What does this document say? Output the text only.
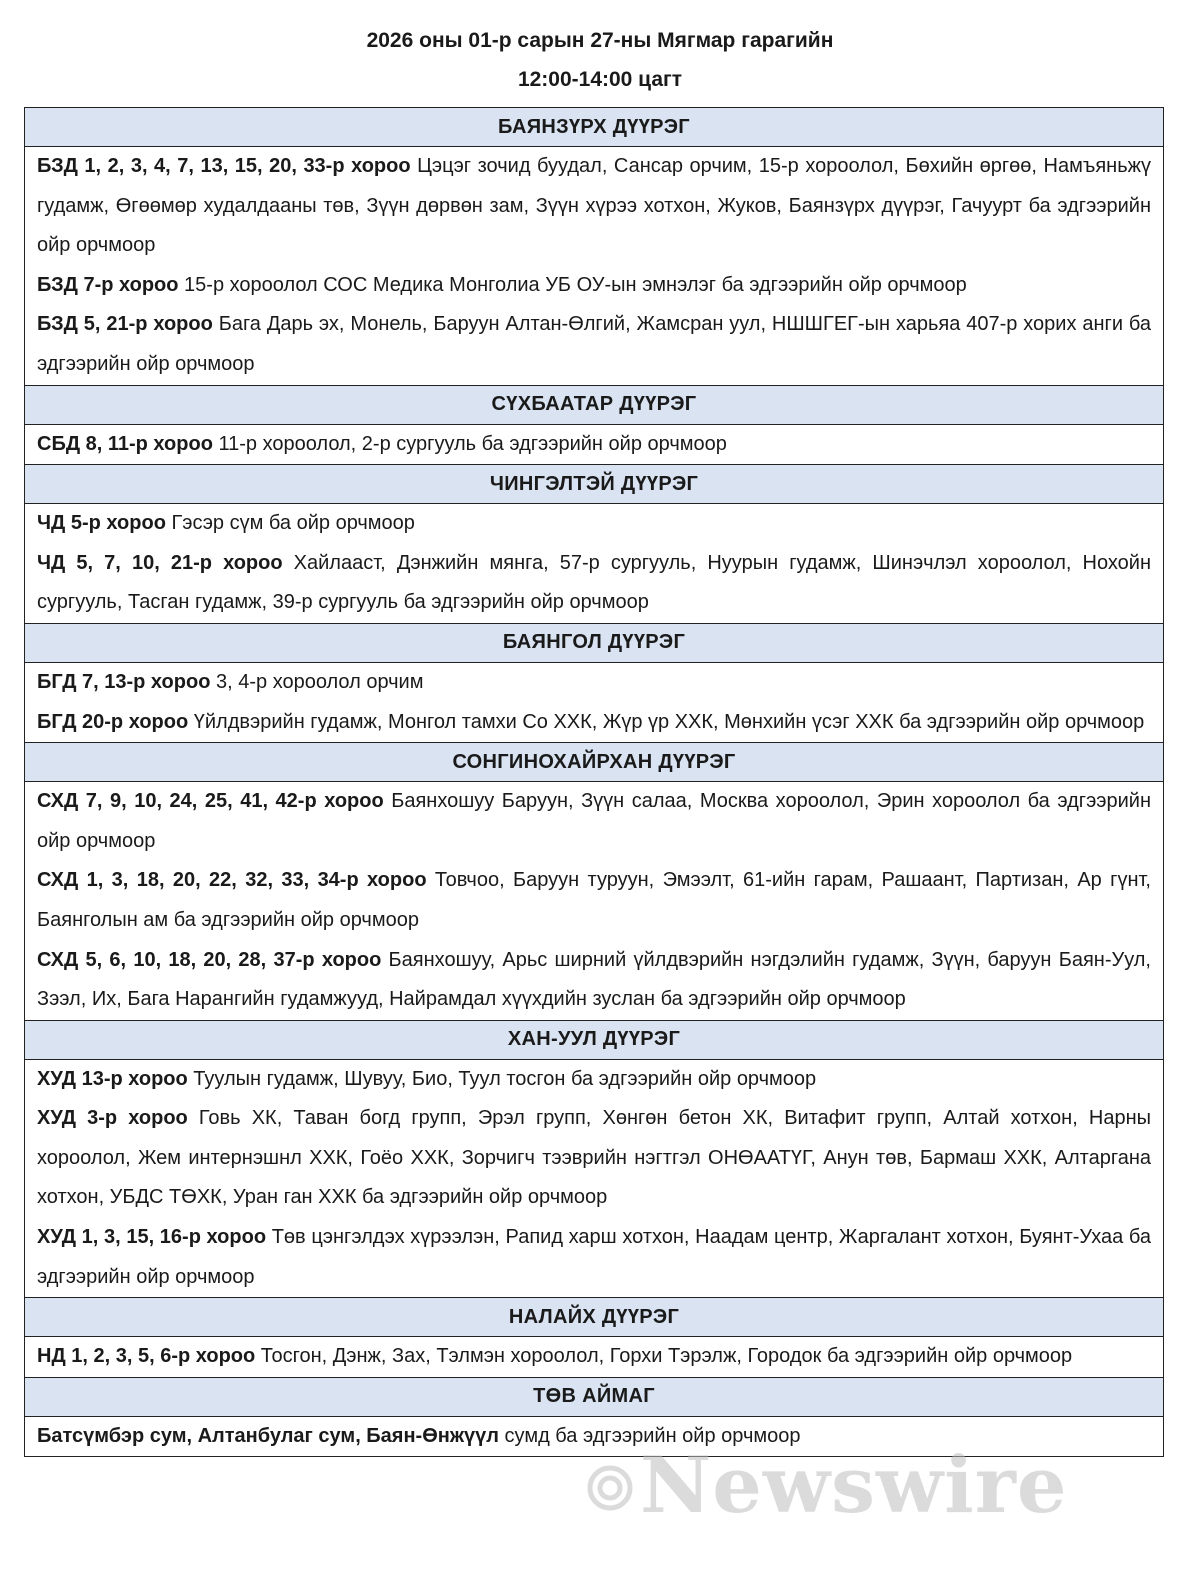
2026 оны 01-р сарын 27-ны Мягмар гарагийн
12:00-14:00 цагт
БАЯНЗҮРХ ДҮҮРЭГ

БЗД 1, 2, 3, 4, 7, 13, 15, 20, 33-р хороо Цэцэг зочид буудал, Сансар орчим, 15-р хороолол, Бөхийн өргөө, Намъяньжү гудамж, Өгөөмөр худалдааны төв, Зүүн дөрвөн зам, Зүүн хүрээ хотхон, Жуков, Баянзүрх дүүрэг, Гачуурт ба эдгээрийн ойр орчмоор
БЗД 7-р хороо 15-р хороолол СОС Медика Монголиа УБ ОУ-ын эмнэлэг ба эдгээрийн ойр орчмоор
БЗД 5, 21-р хороо Бага Дарь эх, Монель, Баруун Алтан-Өлгий, Жамсран уул, НШШГЕГ-ын харьяа 407-р хорих анги ба эдгээрийн ойр орчмоор

СҮХБААТАР ДҮҮРЭГ

СБД 8, 11-р хороо 11-р хороолол, 2-р сургууль ба эдгээрийн ойр орчмоор

ЧИНГЭЛТЭЙ ДҮҮРЭГ

ЧД 5-р хороо Гэсэр сүм ба ойр орчмоор
ЧД 5, 7, 10, 21-р хороо Хайлааст, Дэнжийн мянга, 57-р сургууль, Нуурын гудамж, Шинэчлэл хороолол, Нохойн сургууль, Тасган гудамж, 39-р сургууль ба эдгээрийн ойр орчмоор

БАЯНГОЛ ДҮҮРЭГ

БГД 7, 13-р хороо 3, 4-р хороолол орчим
БГД 20-р хороо Үйлдвэрийн гудамж, Монгол тамхи Со ХХК, Жүр үр ХХК, Мөнхийн үсэг ХХК ба эдгээрийн ойр орчмоор

СОНГИНОХАЙРХАН ДҮҮРЭГ

СХД 7, 9, 10, 24, 25, 41, 42-р хороо Баянхошуу Баруун, Зүүн салаа, Москва хороолол, Эрин хороолол ба эдгээрийн ойр орчмоор
СХД 1, 3, 18, 20, 22, 32, 33, 34-р хороо Товчоо, Баруун туруун, Эмээлт, 61-ийн гарам, Рашаант, Партизан, Ар гүнт, Баянголын ам ба эдгээрийн ойр орчмоор
СХД 5, 6, 10, 18, 20, 28, 37-р хороо Баянхошуу, Арьс ширний үйлдвэрийн нэгдэлийн гудамж, Зүүн, баруун Баян-Уул, Зээл, Их, Бага Нарангийн гудамжууд, Найрамдал хүүхдийн зуслан ба эдгээрийн ойр орчмоор

ХАН-УУЛ ДҮҮРЭГ

ХУД 13-р хороо Туулын гудамж, Шувуу, Био, Туул тосгон ба эдгээрийн ойр орчмоор
ХУД 3-р хороо Говь ХК, Таван богд групп, Эрэл групп, Хөнгөн бетон ХК, Витафит групп, Алтай хотхон, Нарны хороолол, Жем интернэшнл ХХК, Гоёо ХХК, Зорчигч тээврийн нэгтгэл ОНӨААТҮГ, Анун төв, Бармаш ХХК, Алтаргана хотхон, УБДС ТӨХК, Уран ган ХХК ба эдгээрийн ойр орчмоор
ХУД 1, 3, 15, 16-р хороо Төв цэнгэлдэх хүрээлэн, Рапид харш хотхон, Наадам центр, Жаргалант хотхон, Буянт-Ухаа ба эдгээрийн ойр орчмоор

НАЛАЙХ ДҮҮРЭГ

НД 1, 2, 3, 5, 6-р хороо Тосгон, Дэнж, Зах, Тэлмэн хороолол, Горхи Тэрэлж, Городок ба эдгээрийн ойр орчмоор

ТӨВ АЙМАГ

Батсүмбэр сум, Алтанбулаг сум, Баян-Өнжүүл сумд ба эдгээрийн ойр орчмоор
Newswire
